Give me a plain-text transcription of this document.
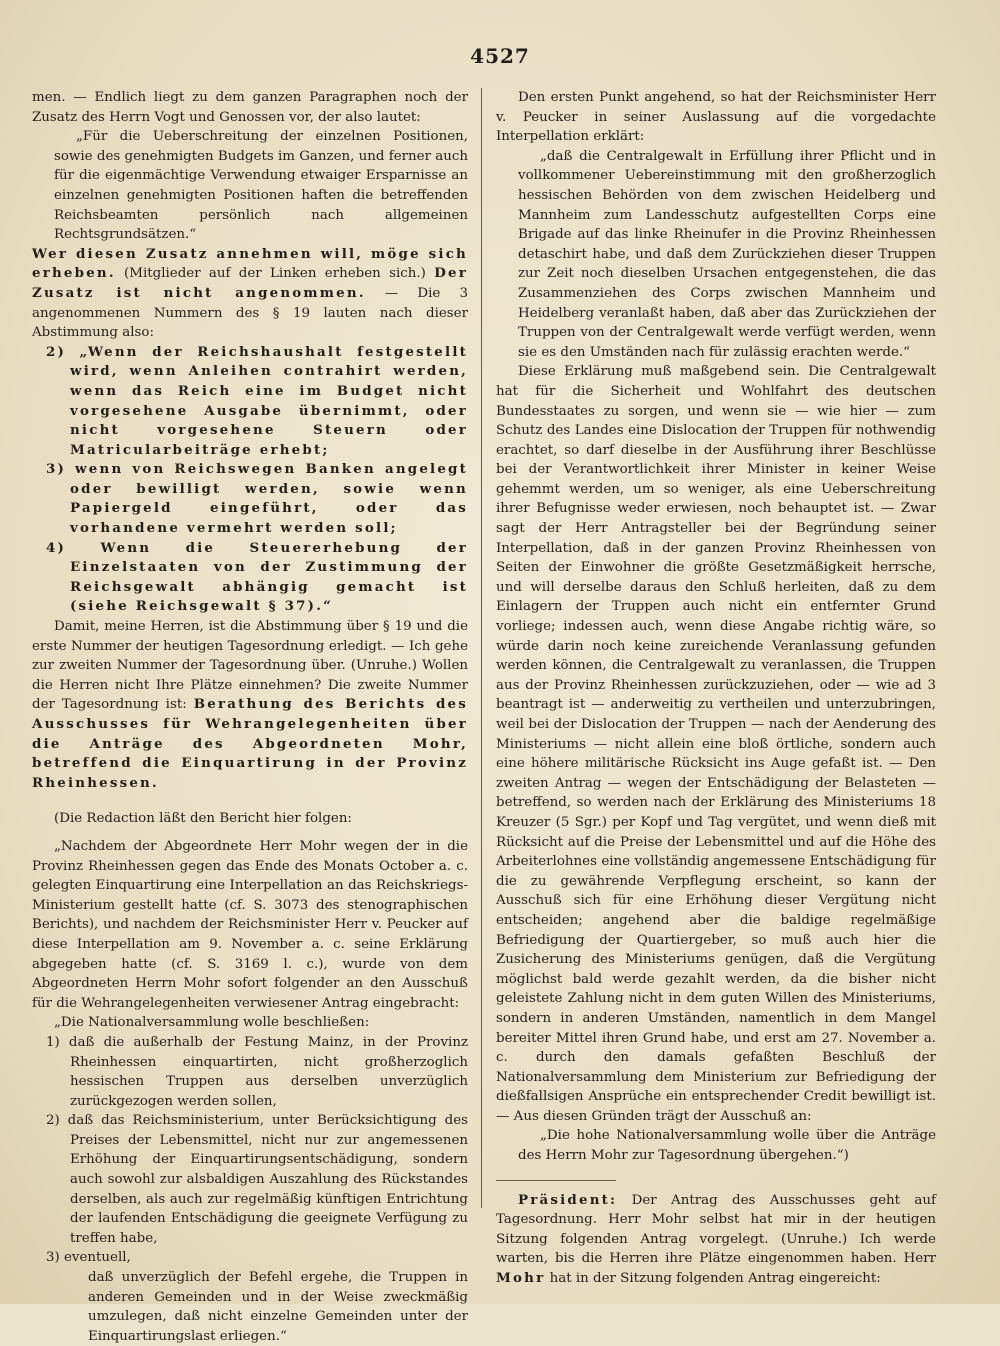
4527

men. — Endlich liegt zu dem ganzen Paragraphen noch der Zusatz des Herrn Vogt und Genossen vor, der also lautet:

„Für die Ueberschreitung der einzelnen Positionen, sowie des genehmigten Budgets im Ganzen, und ferner auch für die eigenmächtige Verwendung etwaiger Ersparnisse an einzelnen genehmigten Positionen haften die betreffenden Reichsbeamten persönlich nach allgemeinen Rechtsgrundsätzen.“

Wer diesen Zusatz annehmen will, möge sich erheben. (Mitglieder auf der Linken erheben sich.) Der Zusatz ist nicht angenommen. — Die 3 angenommenen Nummern des § 19 lauten nach dieser Abstimmung also:

2) „Wenn der Reichshaushalt festgestellt wird, wenn Anleihen contrahirt werden, wenn das Reich eine im Budget nicht vorgesehene Ausgabe übernimmt, oder nicht vorgesehene Steuern oder Matricularbeiträge erhebt;

3) wenn von Reichswegen Banken angelegt oder bewilligt werden, sowie wenn Papiergeld eingeführt, oder das vorhandene vermehrt werden soll;

4) Wenn die Steuererhebung der Einzelstaaten von der Zustimmung der Reichsgewalt abhängig gemacht ist (siehe Reichsgewalt § 37).“

Damit, meine Herren, ist die Abstimmung über § 19 und die erste Nummer der heutigen Tagesordnung erledigt. — Ich gehe zur zweiten Nummer der Tagesordnung über. (Unruhe.) Wollen die Herren nicht Ihre Plätze einnehmen? Die zweite Nummer der Tagesordnung ist: Berathung des Berichts des Ausschusses für Wehrangelegenheiten über die Anträge des Abgeordneten Mohr, betreffend die Einquartirung in der Provinz Rheinhessen.

(Die Redaction läßt den Bericht hier folgen:

„Nachdem der Abgeordnete Herr Mohr wegen der in die Provinz Rheinhessen gegen das Ende des Monats October a. c. gelegten Einquartirung eine Interpellation an das Reichskriegs-Ministerium gestellt hatte (cf. S. 3073 des stenographischen Berichts), und nachdem der Reichsminister Herr v. Peucker auf diese Interpellation am 9. November a. c. seine Erklärung abgegeben hatte (cf. S. 3169 l. c.), wurde von dem Abgeordneten Herrn Mohr sofort folgender an den Ausschuß für die Wehrangelegenheiten verwiesener Antrag eingebracht:

„Die Nationalversammlung wolle beschließen:

1) daß die außerhalb der Festung Mainz, in der Provinz Rheinhessen einquartirten, nicht großherzoglich hessischen Truppen aus derselben unverzüglich zurückgezogen werden sollen,

2) daß das Reichsministerium, unter Berücksichtigung des Preises der Lebensmittel, nicht nur zur angemessenen Erhöhung der Einquartirungsentschädigung, sondern auch sowohl zur alsbaldigen Auszahlung des Rückstandes derselben, als auch zur regelmäßig künftigen Entrichtung der laufenden Entschädigung die geeignete Verfügung zu treffen habe,

3) eventuell,

daß unverzüglich der Befehl ergehe, die Truppen in anderen Gemeinden und in der Weise zweckmäßig umzulegen, daß nicht einzelne Gemeinden unter der Einquartirungslast erliegen.“

Den ersten Punkt angehend, so hat der Reichsminister Herr v. Peucker in seiner Auslassung auf die vorgedachte Interpellation erklärt:

„daß die Centralgewalt in Erfüllung ihrer Pflicht und in vollkommener Uebereinstimmung mit den großherzoglich hessischen Behörden von dem zwischen Heidelberg und Mannheim zum Landesschutz aufgestellten Corps eine Brigade auf das linke Rheinufer in die Provinz Rheinhessen detaschirt habe, und daß dem Zurückziehen dieser Truppen zur Zeit noch dieselben Ursachen entgegenstehen, die das Zusammenziehen des Corps zwischen Mannheim und Heidelberg veranlaßt haben, daß aber das Zurückziehen der Truppen von der Centralgewalt werde verfügt werden, wenn sie es den Umständen nach für zulässig erachten werde.“

Diese Erklärung muß maßgebend sein. Die Centralgewalt hat für die Sicherheit und Wohlfahrt des deutschen Bundesstaates zu sorgen, und wenn sie — wie hier — zum Schutz des Landes eine Dislocation der Truppen für nothwendig erachtet, so darf dieselbe in der Ausführung ihrer Beschlüsse bei der Verantwortlichkeit ihrer Minister in keiner Weise gehemmt werden, um so weniger, als eine Ueberschreitung ihrer Befugnisse weder erwiesen, noch behauptet ist. — Zwar sagt der Herr Antragsteller bei der Begründung seiner Interpellation, daß in der ganzen Provinz Rheinhessen von Seiten der Einwohner die größte Gesetzmäßigkeit herrsche, und will derselbe daraus den Schluß herleiten, daß zu dem Einlagern der Truppen auch nicht ein entfernter Grund vorliege; indessen auch, wenn diese Angabe richtig wäre, so würde darin noch keine zureichende Veranlassung gefunden werden können, die Centralgewalt zu veranlassen, die Truppen aus der Provinz Rheinhessen zurückzuziehen, oder — wie ad 3 beantragt ist — anderweitig zu vertheilen und unterzubringen, weil bei der Dislocation der Truppen — nach der Aenderung des Ministeriums — nicht allein eine bloß örtliche, sondern auch eine höhere militärische Rücksicht ins Auge gefaßt ist. — Den zweiten Antrag — wegen der Entschädigung der Belasteten — betreffend, so werden nach der Erklärung des Ministeriums 18 Kreuzer (5 Sgr.) per Kopf und Tag vergütet, und wenn dieß mit Rücksicht auf die Preise der Lebensmittel und auf die Höhe des Arbeiterlohnes eine vollständig angemessene Entschädigung für die zu gewährende Verpflegung erscheint, so kann der Ausschuß sich für eine Erhöhung dieser Vergütung nicht entscheiden; angehend aber die baldige regelmäßige Befriedigung der Quartiergeber, so muß auch hier die Zusicherung des Ministeriums genügen, daß die Vergütung möglichst bald werde gezahlt werden, da die bisher nicht geleistete Zahlung nicht in dem guten Willen des Ministeriums, sondern in anderen Umständen, namentlich in dem Mangel bereiter Mittel ihren Grund habe, und erst am 27. November a. c. durch den damals gefaßten Beschluß der Nationalversammlung dem Ministerium zur Befriedigung der dießfallsigen Ansprüche ein entsprechender Credit bewilligt ist. — Aus diesen Gründen trägt der Ausschuß an:

„Die hohe Nationalversammlung wolle über die Anträge des Herrn Mohr zur Tagesordnung übergehen.“)

Präsident: Der Antrag des Ausschusses geht auf Tagesordnung. Herr Mohr selbst hat mir in der heutigen Sitzung folgenden Antrag vorgelegt. (Unruhe.) Ich werde warten, bis die Herren ihre Plätze eingenommen haben. Herr Mohr hat in der Sitzung folgenden Antrag eingereicht:
